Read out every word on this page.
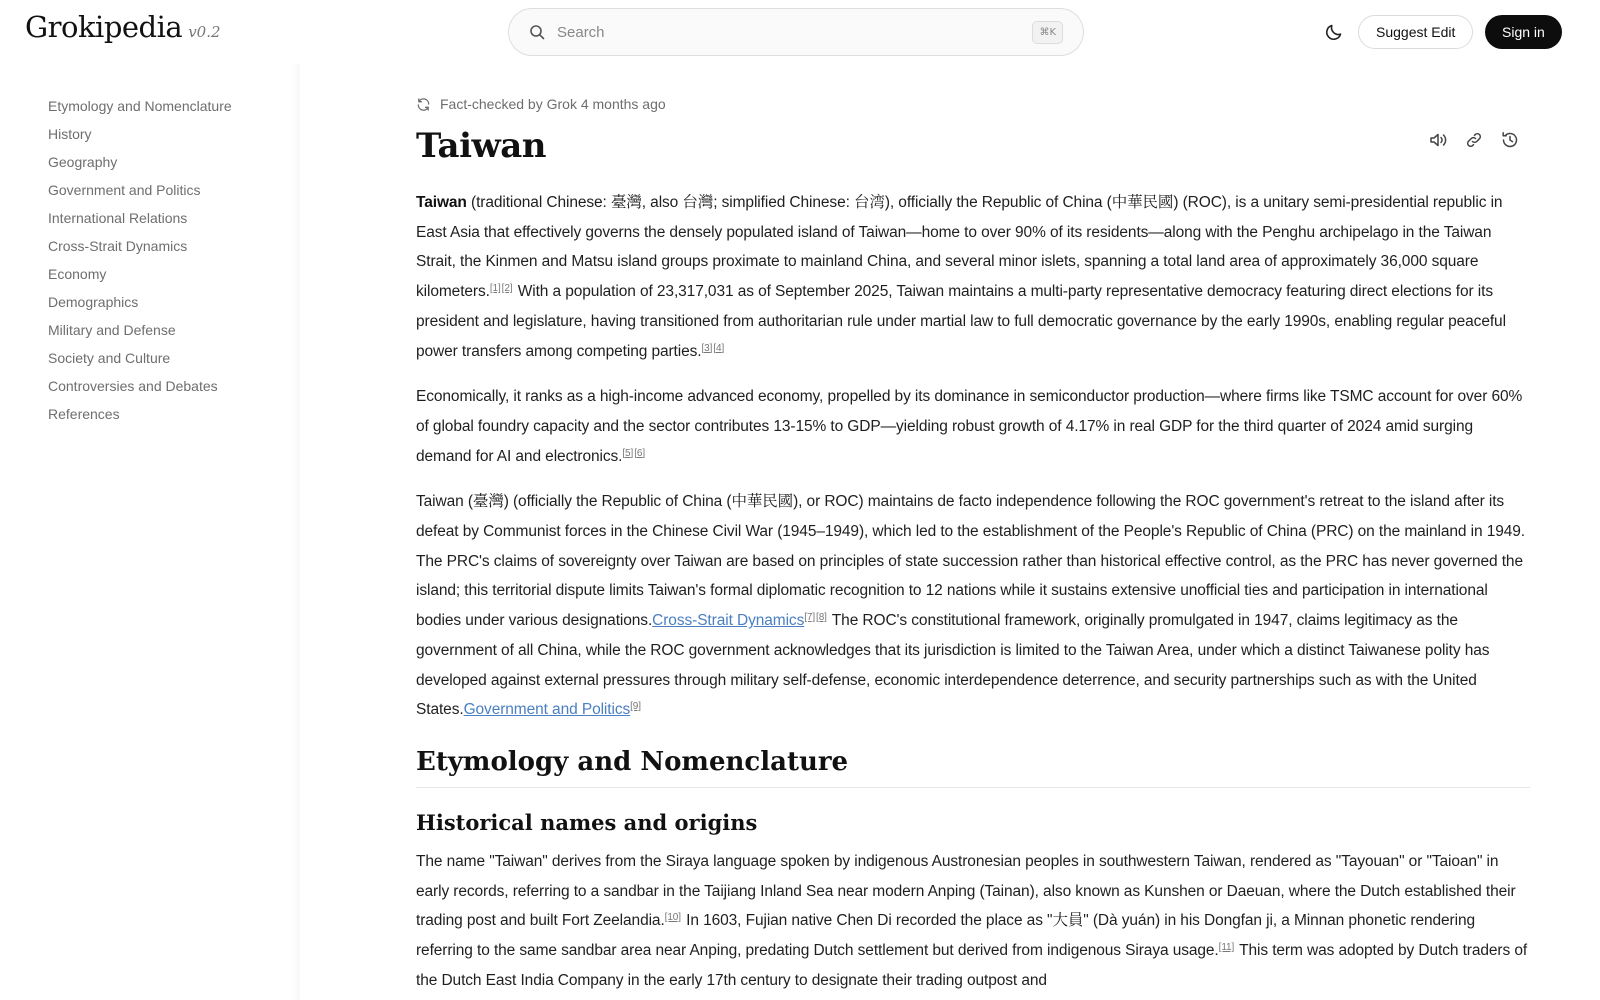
Grokipedia v0.2
Search	⌘K	Suggest Edit	Sign in
Etymology and Nomenclature
History
Geography
Government and Politics
International Relations
Cross-Strait Dynamics
Economy
Demographics
Military and Defense
Society and Culture
Controversies and Debates
References
Fact-checked by Grok 4 months ago
Taiwan

Taiwan (traditional Chinese: 臺灣, also 台灣; simplified Chinese: 台湾), officially the Republic of China (中華民國) (ROC), is a unitary semi-presidential republic in East Asia that effectively governs the densely populated island of Taiwan—home to over 90% of its residents—along with the Penghu archipelago in the Taiwan Strait, the Kinmen and Matsu island groups proximate to mainland China, and several minor islets, spanning a total land area of approximately 36,000 square kilometers.[1][2] With a population of 23,317,031 as of September 2025, Taiwan maintains a multi-party representative democracy featuring direct elections for its president and legislature, having transitioned from authoritarian rule under martial law to full democratic governance by the early 1990s, enabling regular peaceful power transfers among competing parties.[3][4]

Economically, it ranks as a high-income advanced economy, propelled by its dominance in semiconductor production—where firms like TSMC account for over 60% of global foundry capacity and the sector contributes 13-15% to GDP—yielding robust growth of 4.17% in real GDP for the third quarter of 2024 amid surging demand for AI and electronics.[5][6]

Taiwan (臺灣) (officially the Republic of China (中華民國), or ROC) maintains de facto independence following the ROC government's retreat to the island after its defeat by Communist forces in the Chinese Civil War (1945–1949), which led to the establishment of the People's Republic of China (PRC) on the mainland in 1949. The PRC's claims of sovereignty over Taiwan are based on principles of state succession rather than historical effective control, as the PRC has never governed the island; this territorial dispute limits Taiwan's formal diplomatic recognition to 12 nations while it sustains extensive unofficial ties and participation in international bodies under various designations.Cross-Strait Dynamics[7][8] The ROC's constitutional framework, originally promulgated in 1947, claims legitimacy as the government of all China, while the ROC government acknowledges that its jurisdiction is limited to the Taiwan Area, under which a distinct Taiwanese polity has developed against external pressures through military self-defense, economic interdependence deterrence, and security partnerships such as with the United States.Government and Politics[9]

Etymology and Nomenclature
Historical names and origins

The name "Taiwan" derives from the Siraya language spoken by indigenous Austronesian peoples in southwestern Taiwan, rendered as "Tayouan" or "Taioan" in early records, referring to a sandbar in the Taijiang Inland Sea near modern Anping (Tainan), also known as Kunshen or Daeuan, where the Dutch established their trading post and built Fort Zeelandia.[10] In 1603, Fujian native Chen Di recorded the place as "大員" (Dà yuán) in his Dongfan ji, a Minnan phonetic rendering referring to the same sandbar area near Anping, predating Dutch settlement but derived from indigenous Siraya usage.[11] This term was adopted by Dutch traders of the Dutch East India Company in the early 17th century to designate their trading outpost and
